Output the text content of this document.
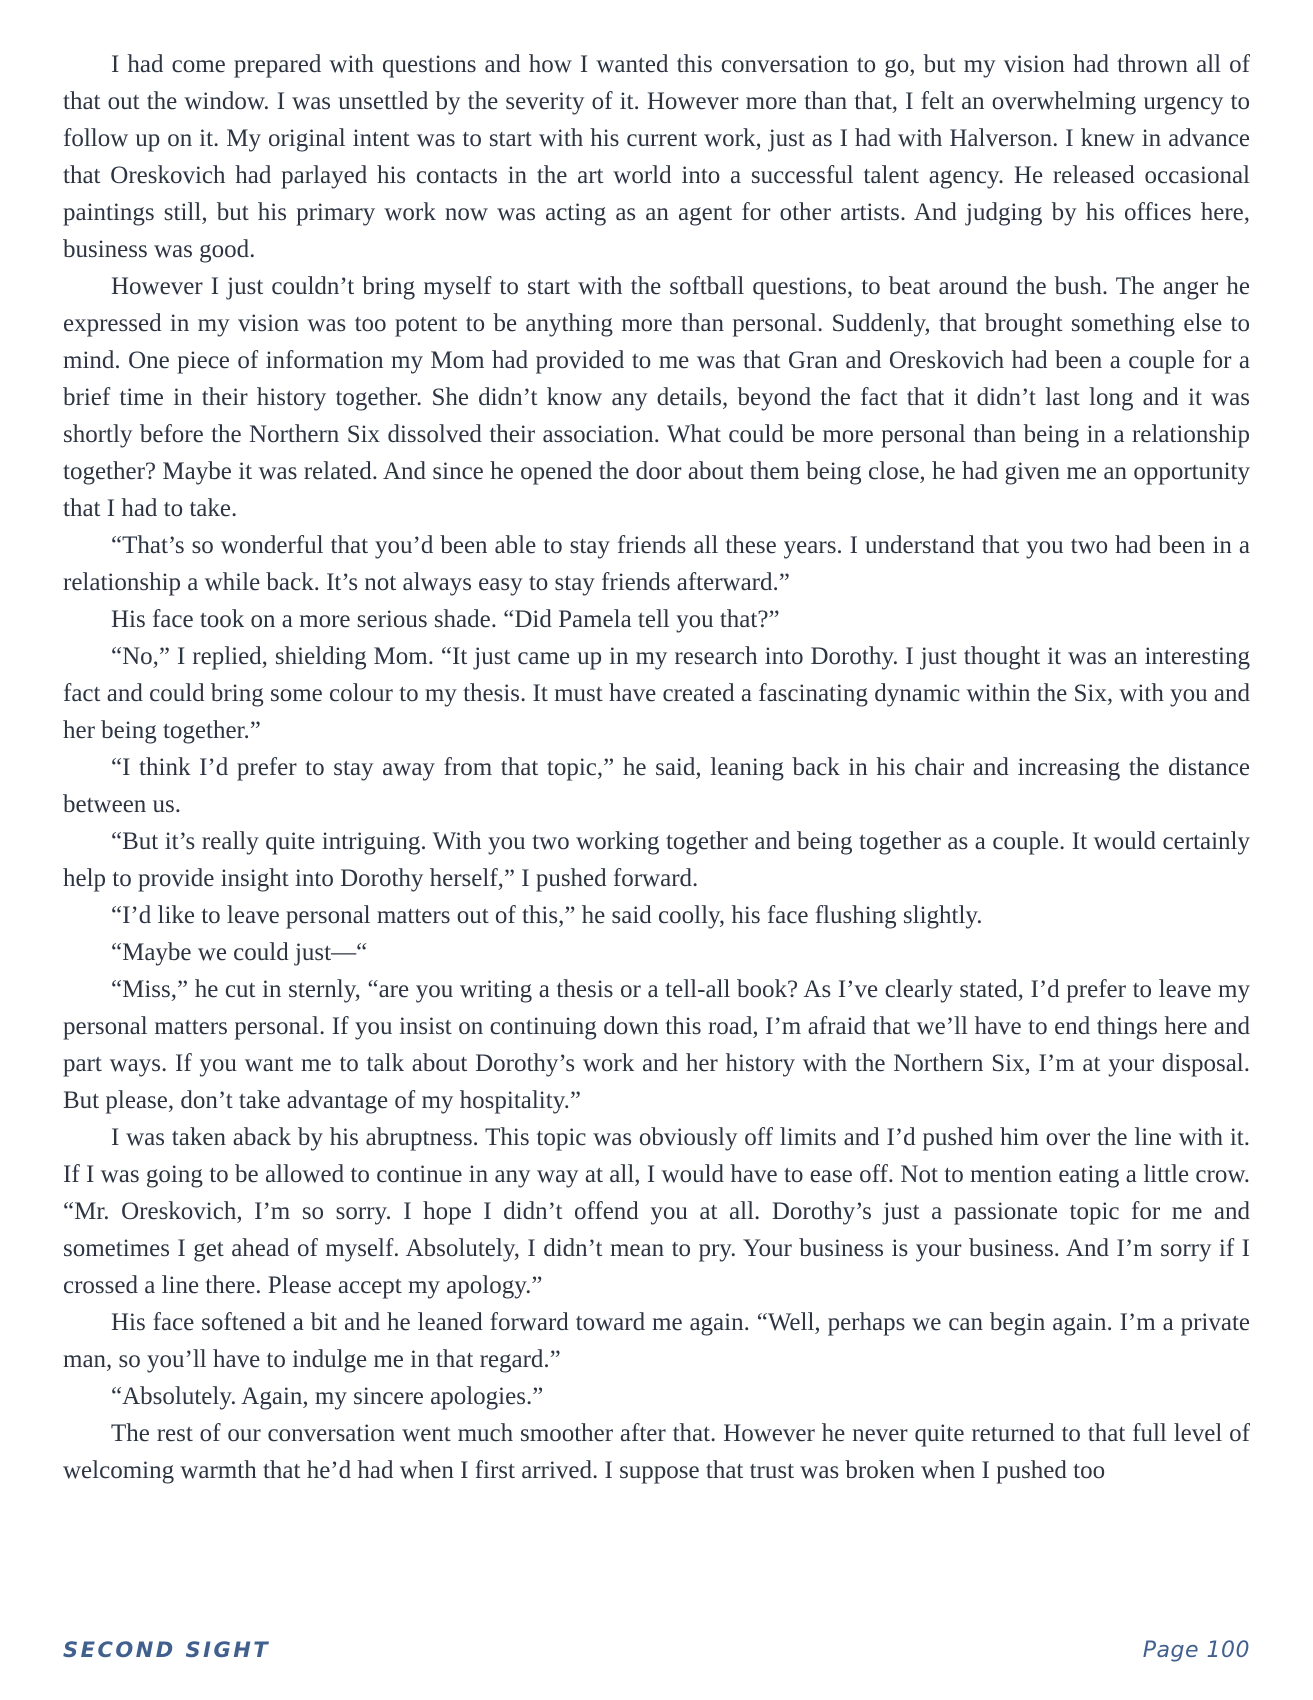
I had come prepared with questions and how I wanted this conversation to go, but my vision had thrown all of that out the window. I was unsettled by the severity of it. However more than that, I felt an overwhelming urgency to follow up on it. My original intent was to start with his current work, just as I had with Halverson. I knew in advance that Oreskovich had parlayed his contacts in the art world into a successful talent agency. He released occasional paintings still, but his primary work now was acting as an agent for other artists. And judging by his offices here, business was good.

However I just couldn’t bring myself to start with the softball questions, to beat around the bush. The anger he expressed in my vision was too potent to be anything more than personal. Suddenly, that brought something else to mind. One piece of information my Mom had provided to me was that Gran and Oreskovich had been a couple for a brief time in their history together. She didn’t know any details, beyond the fact that it didn’t last long and it was shortly before the Northern Six dissolved their association. What could be more personal than being in a relationship together? Maybe it was related. And since he opened the door about them being close, he had given me an opportunity that I had to take.

“That’s so wonderful that you’d been able to stay friends all these years. I understand that you two had been in a relationship a while back. It’s not always easy to stay friends afterward.”

His face took on a more serious shade. “Did Pamela tell you that?”

“No,” I replied, shielding Mom. “It just came up in my research into Dorothy. I just thought it was an interesting fact and could bring some colour to my thesis. It must have created a fascinating dynamic within the Six, with you and her being together.”

“I think I’d prefer to stay away from that topic,” he said, leaning back in his chair and increasing the distance between us.

“But it’s really quite intriguing. With you two working together and being together as a couple. It would certainly help to provide insight into Dorothy herself,” I pushed forward.

“I’d like to leave personal matters out of this,” he said coolly, his face flushing slightly.

“Maybe we could just—“

“Miss,” he cut in sternly, “are you writing a thesis or a tell-all book? As I’ve clearly stated, I’d prefer to leave my personal matters personal. If you insist on continuing down this road, I’m afraid that we’ll have to end things here and part ways. If you want me to talk about Dorothy’s work and her history with the Northern Six, I’m at your disposal. But please, don’t take advantage of my hospitality.”

I was taken aback by his abruptness. This topic was obviously off limits and I’d pushed him over the line with it. If I was going to be allowed to continue in any way at all, I would have to ease off. Not to mention eating a little crow. “Mr. Oreskovich, I’m so sorry. I hope I didn’t offend you at all. Dorothy’s just a passionate topic for me and sometimes I get ahead of myself. Absolutely, I didn’t mean to pry. Your business is your business. And I’m sorry if I crossed a line there. Please accept my apology.”

His face softened a bit and he leaned forward toward me again. “Well, perhaps we can begin again. I’m a private man, so you’ll have to indulge me in that regard.”

“Absolutely. Again, my sincere apologies.”

The rest of our conversation went much smoother after that. However he never quite returned to that full level of welcoming warmth that he’d had when I first arrived. I suppose that trust was broken when I pushed too

SECOND SIGHT	Page 100
